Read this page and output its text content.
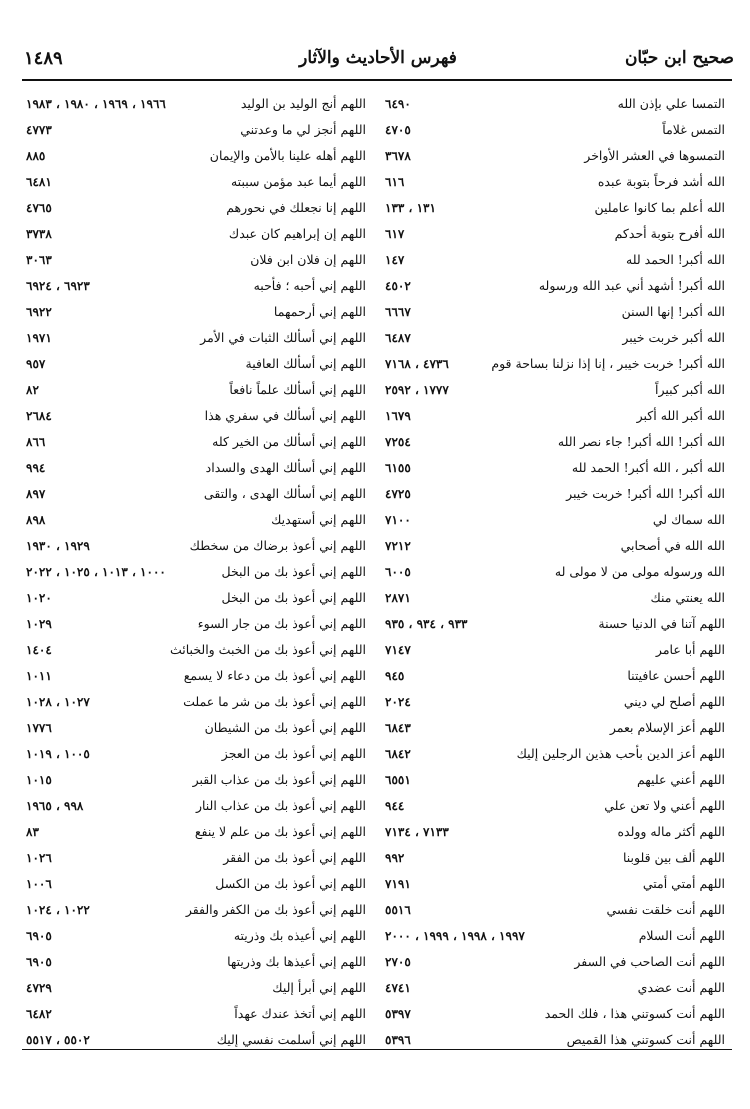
١٤٨٩	فهرس الأحاديث والآثار	صحيح ابن حبّان
التمسا علي بإذن الله
٦٤٩٠
التمس غلاماً
٤٧٠٥
التمسوها في العشر الأواخر
٣٦٧٨
الله أشد فرحاً بتوبة عبده
٦١٦
الله أعلم بما كانوا عاملين
١٣١ ، ١٣٣
الله أفرح بتوبة أحدكم
٦١٧
الله أكبر! الحمد لله
١٤٧
الله أكبر! أشهد أني عبد الله ورسوله
٤٥٠٢
الله أكبر! إنها السنن
٦٦٦٧
الله أكبر خربت خيبر
٦٤٨٧
الله أكبر! خربت خيبر ، إنا إذا نزلنا بساحة قوم
٤٧٣٦ ، ٧١٦٨
الله أكبر كبيراً
١٧٧٧ ، ٢٥٩٢
الله أكبر الله أكبر
١٦٧٩
الله أكبر! الله أكبر! جاء نصر الله
٧٢٥٤
الله أكبر ، الله أكبر! الحمد لله
٦١٥٥
الله أكبر! الله أكبر! خربت خيبر
٤٧٢٥
الله سماك لي
٧١٠٠
الله الله في أصحابي
٧٢١٢
الله ورسوله مولى من لا مولى له
٦٠٠٥
الله يعنتي منك
٢٨٧١
اللهم آتنا في الدنيا حسنة
٩٣٣ ، ٩٣٤ ، ٩٣٥
اللهم أبا عامر
٧١٤٧
اللهم أحسن عافيتنا
٩٤٥
اللهم أصلح لي ديني
٢٠٢٤
اللهم أعز الإسلام بعمر
٦٨٤٣
اللهم أعز الدين بأحب هذين الرجلين إليك
٦٨٤٢
اللهم أعني عليهم
٦٥٥١
اللهم أعني ولا تعن علي
٩٤٤
اللهم أكثر ماله وولده
٧١٣٣ ، ٧١٣٤
اللهم ألف بين قلوبنا
٩٩٢
اللهم أمتي أمتي
٧١٩١
اللهم أنت خلقت نفسي
٥٥١٦
اللهم أنت السلام
١٩٩٧ ، ١٩٩٨ ، ١٩٩٩ ، ٢٠٠٠
اللهم أنت الصاحب في السفر
٢٧٠٥
اللهم أنت عضدي
٤٧٤١
اللهم أنت كسوتني هذا ، فلك الحمد
٥٣٩٧
اللهم أنت كسوتني هذا القميص
٥٣٩٦
اللهم أنج الوليد بن الوليد
١٩٦٦ ، ١٩٦٩ ، ١٩٨٠ ، ١٩٨٣
اللهم أنجز لي ما وعدتني
٤٧٧٣
اللهم أهله علينا بالأمن والإيمان
٨٨٥
اللهم أيما عبد مؤمن سببته
٦٤٨١
اللهم إنا نجعلك في نحورهم
٤٧٦٥
اللهم إن إبراهيم كان عبدك
٣٧٣٨
اللهم إن فلان ابن فلان
٣٠٦٣
اللهم إني أحبه ؛ فأحبه
٦٩٢٣ ، ٦٩٢٤
اللهم إني أرحمهما
٦٩٢٢
اللهم إني أسألك الثبات في الأمر
١٩٧١
اللهم إني أسألك العافية
٩٥٧
اللهم إني أسألك علماً نافعاً
٨٢
اللهم إني أسألك في سفري هذا
٢٦٨٤
اللهم إني أسألك من الخير كله
٨٦٦
اللهم إني أسألك الهدى والسداد
٩٩٤
اللهم إني أسألك الهدى ، والتقى
٨٩٧
اللهم إني أستهديك
٨٩٨
اللهم إني أعوذ برضاك من سخطك
١٩٢٩ ، ١٩٣٠
اللهم إني أعوذ بك من البخل
١٠٠٠ ، ١٠١٣ ، ١٠٢٥ ، ٢٠٢٢
اللهم إني أعوذ بك من البخل
١٠٢٠
اللهم إني أعوذ بك من جار السوء
١٠٢٩
اللهم إني أعوذ بك من الخبث والخبائث
١٤٠٤
اللهم إني أعوذ بك من دعاء لا يسمع
١٠١١
اللهم إني أعوذ بك من شر ما عملت
١٠٢٧ ، ١٠٢٨
اللهم إني أعوذ بك من الشيطان
١٧٧٦
اللهم إني أعوذ بك من العجز
١٠٠٥ ، ١٠١٩
اللهم إني أعوذ بك من عذاب القبر
١٠١٥
اللهم إني أعوذ بك من عذاب النار
٩٩٨ ، ١٩٦٥
اللهم إني أعوذ بك من علم لا ينفع
٨٣
اللهم إني أعوذ بك من الفقر
١٠٢٦
اللهم إني أعوذ بك من الكسل
١٠٠٦
اللهم إني أعوذ بك من الكفر والفقر
١٠٢٢ ، ١٠٢٤
اللهم إني أعيذه بك وذريته
٦٩٠٥
اللهم إني أعيذها بك وذريتها
٦٩٠٥
اللهم إني أبرأ إليك
٤٧٢٩
اللهم إني أتخذ عندك عهداً
٦٤٨٢
اللهم إني أسلمت نفسي إليك
٥٥٠٢ ، ٥٥١٧
